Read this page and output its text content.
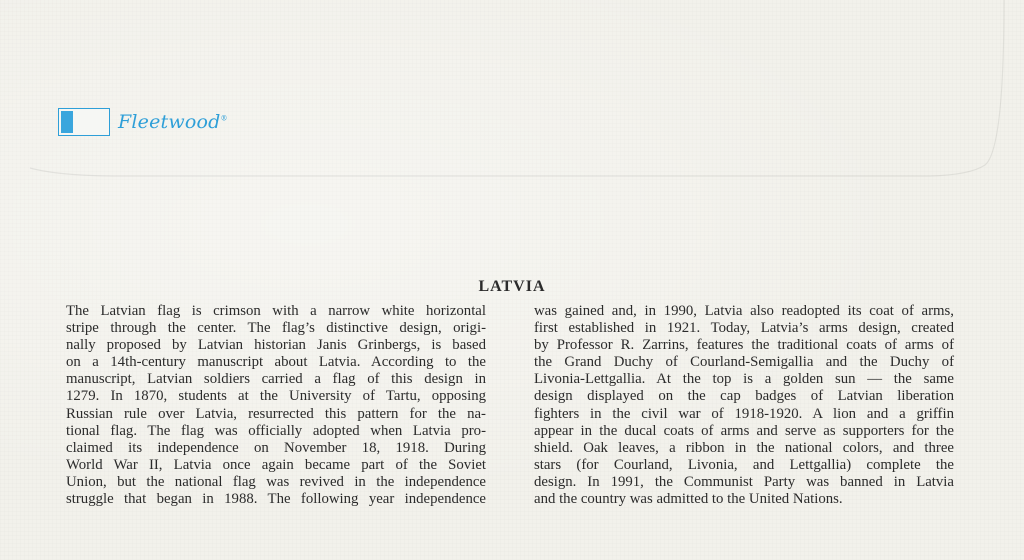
Fleetwood®
LATVIA
The Latvian flag is crimson with a narrow white horizontal
stripe through the center. The flag’s distinctive design, origi-
nally proposed by Latvian historian Janis Grinbergs, is based
on a 14th-century manuscript about Latvia. According to the
manuscript, Latvian soldiers carried a flag of this design in
1279. In 1870, students at the University of Tartu, opposing
Russian rule over Latvia, resurrected this pattern for the na-
tional flag. The flag was officially adopted when Latvia pro-
claimed its independence on November 18, 1918. During
World War II, Latvia once again became part of the Soviet
Union, but the national flag was revived in the independence
struggle that began in 1988. The following year independence
was gained and, in 1990, Latvia also readopted its coat of arms,
first established in 1921. Today, Latvia’s arms design, created
by Professor R. Zarrins, features the traditional coats of arms of
the Grand Duchy of Courland-Semigallia and the Duchy of
Livonia-Lettgallia. At the top is a golden sun — the same
design displayed on the cap badges of Latvian liberation
fighters in the civil war of 1918-1920. A lion and a griffin
appear in the ducal coats of arms and serve as supporters for the
shield. Oak leaves, a ribbon in the national colors, and three
stars (for Courland, Livonia, and Lettgallia) complete the
design. In 1991, the Communist Party was banned in Latvia
and the country was admitted to the United Nations.
